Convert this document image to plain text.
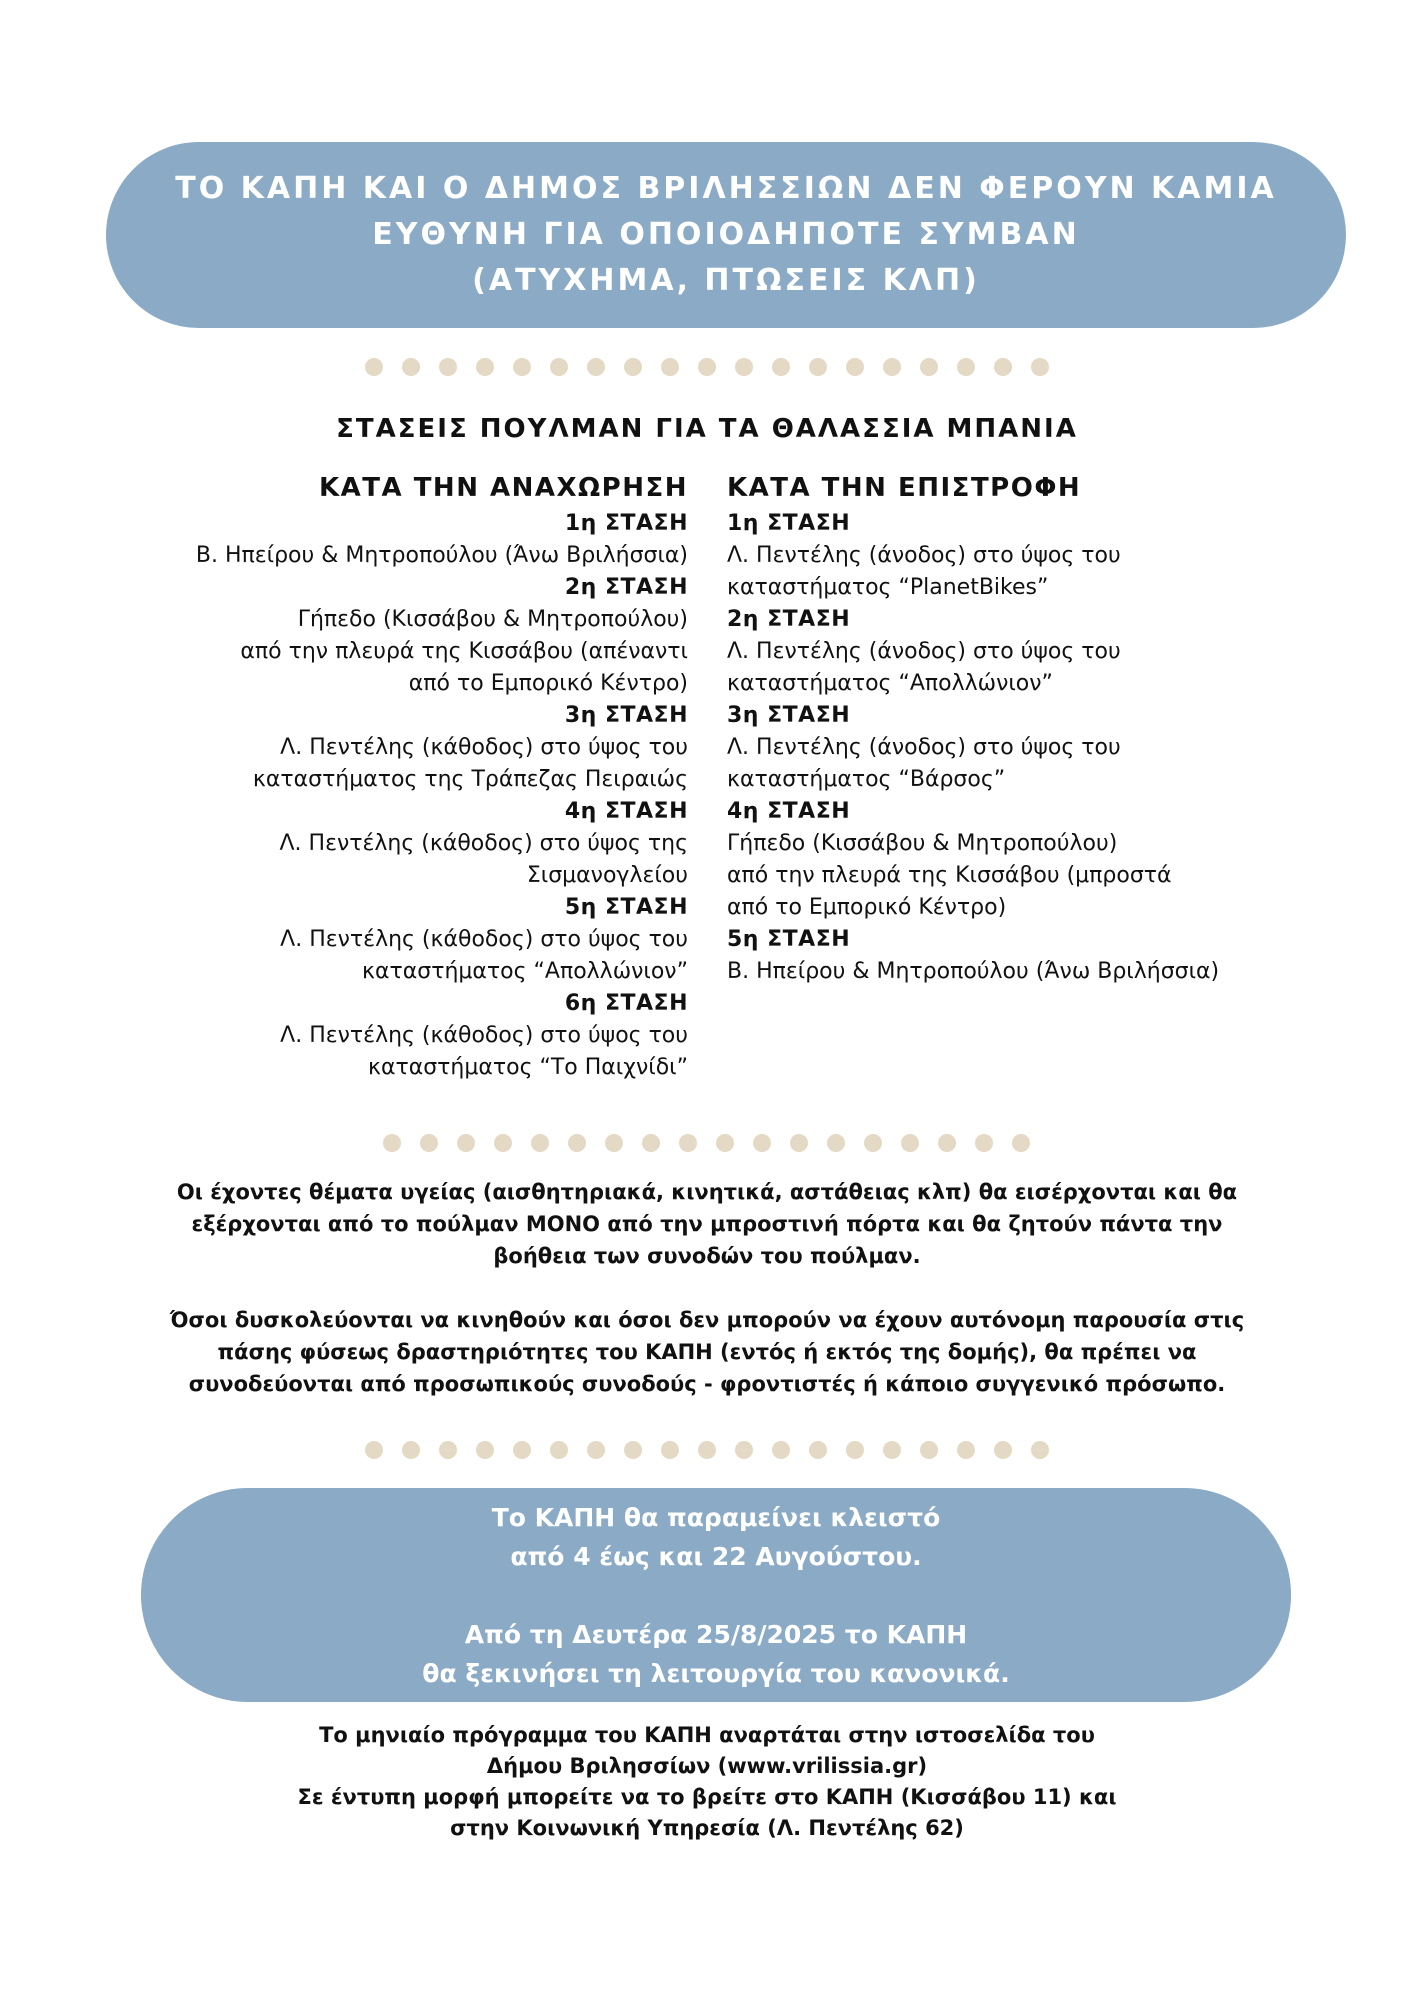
ΤΟ ΚΑΠΗ ΚΑΙ Ο ΔΗΜΟΣ ΒΡΙΛΗΣΣΙΩΝ ΔΕΝ ΦΕΡΟΥΝ ΚΑΜΙΑ
ΕΥΘΥΝΗ ΓΙΑ ΟΠΟΙΟΔΗΠΟΤΕ ΣΥΜΒΑΝ
(ΑΤΥΧΗΜΑ, ΠΤΩΣΕΙΣ ΚΛΠ)
ΣΤΑΣΕΙΣ ΠΟΥΛΜΑΝ ΓΙΑ ΤΑ ΘΑΛΑΣΣΙΑ ΜΠΑΝΙΑ
ΚΑΤΑ ΤΗΝ ΑΝΑΧΩΡΗΣΗ
1η ΣΤΑΣΗ
Β. Ηπείρου & Μητροπούλου (Άνω Βριλήσσια)
2η ΣΤΑΣΗ
Γήπεδο (Κισσάβου & Μητροπούλου)
από την πλευρά της Κισσάβου (απέναντι
από το Εμπορικό Κέντρο)
3η ΣΤΑΣΗ
Λ. Πεντέλης (κάθοδος) στο ύψος του
καταστήματος της Τράπεζας Πειραιώς
4η ΣΤΑΣΗ
Λ. Πεντέλης (κάθοδος) στο ύψος της
Σισμανογλείου
5η ΣΤΑΣΗ
Λ. Πεντέλης (κάθοδος) στο ύψος του
καταστήματος “Απολλώνιον”
6η ΣΤΑΣΗ
Λ. Πεντέλης (κάθοδος) στο ύψος του
καταστήματος “Το Παιχνίδι”
ΚΑΤΑ ΤΗΝ ΕΠΙΣΤΡΟΦΗ
1η ΣΤΑΣΗ
Λ. Πεντέλης (άνοδος) στο ύψος του
καταστήματος “PlanetBikes”
2η ΣΤΑΣΗ
Λ. Πεντέλης (άνοδος) στο ύψος του
καταστήματος “Απολλώνιον”
3η ΣΤΑΣΗ
Λ. Πεντέλης (άνοδος) στο ύψος του
καταστήματος “Βάρσος”
4η ΣΤΑΣΗ
Γήπεδο (Κισσάβου & Μητροπούλου)
από την πλευρά της Κισσάβου (μπροστά
από το Εμπορικό Κέντρο)
5η ΣΤΑΣΗ
Β. Ηπείρου & Μητροπούλου (Άνω Βριλήσσια)
Οι έχοντες θέματα υγείας (αισθητηριακά, κινητικά, αστάθειας κλπ) θα εισέρχονται και θα
εξέρχονται από το πούλμαν ΜΟΝΟ από την μπροστινή πόρτα και θα ζητούν πάντα την
βοήθεια των συνοδών του πούλμαν.
Όσοι δυσκολεύονται να κινηθούν και όσοι δεν μπορούν να έχουν αυτόνομη παρουσία στις
πάσης φύσεως δραστηριότητες του ΚΑΠΗ (εντός ή εκτός της δομής), θα πρέπει να
συνοδεύονται από προσωπικούς συνοδούς - φροντιστές ή κάποιο συγγενικό πρόσωπο.
Το ΚΑΠΗ θα παραμείνει κλειστό
από 4 έως και 22 Αυγούστου.
Από τη Δευτέρα 25/8/2025 το ΚΑΠΗ
θα ξεκινήσει τη λειτουργία του κανονικά.
Το μηνιαίο πρόγραμμα του ΚΑΠΗ αναρτάται στην ιστοσελίδα του
Δήμου Βριλησσίων (www.vrilissia.gr)
Σε έντυπη μορφή μπορείτε να το βρείτε στο ΚΑΠΗ (Κισσάβου 11) και
στην Κοινωνική Υπηρεσία (Λ. Πεντέλης 62)
